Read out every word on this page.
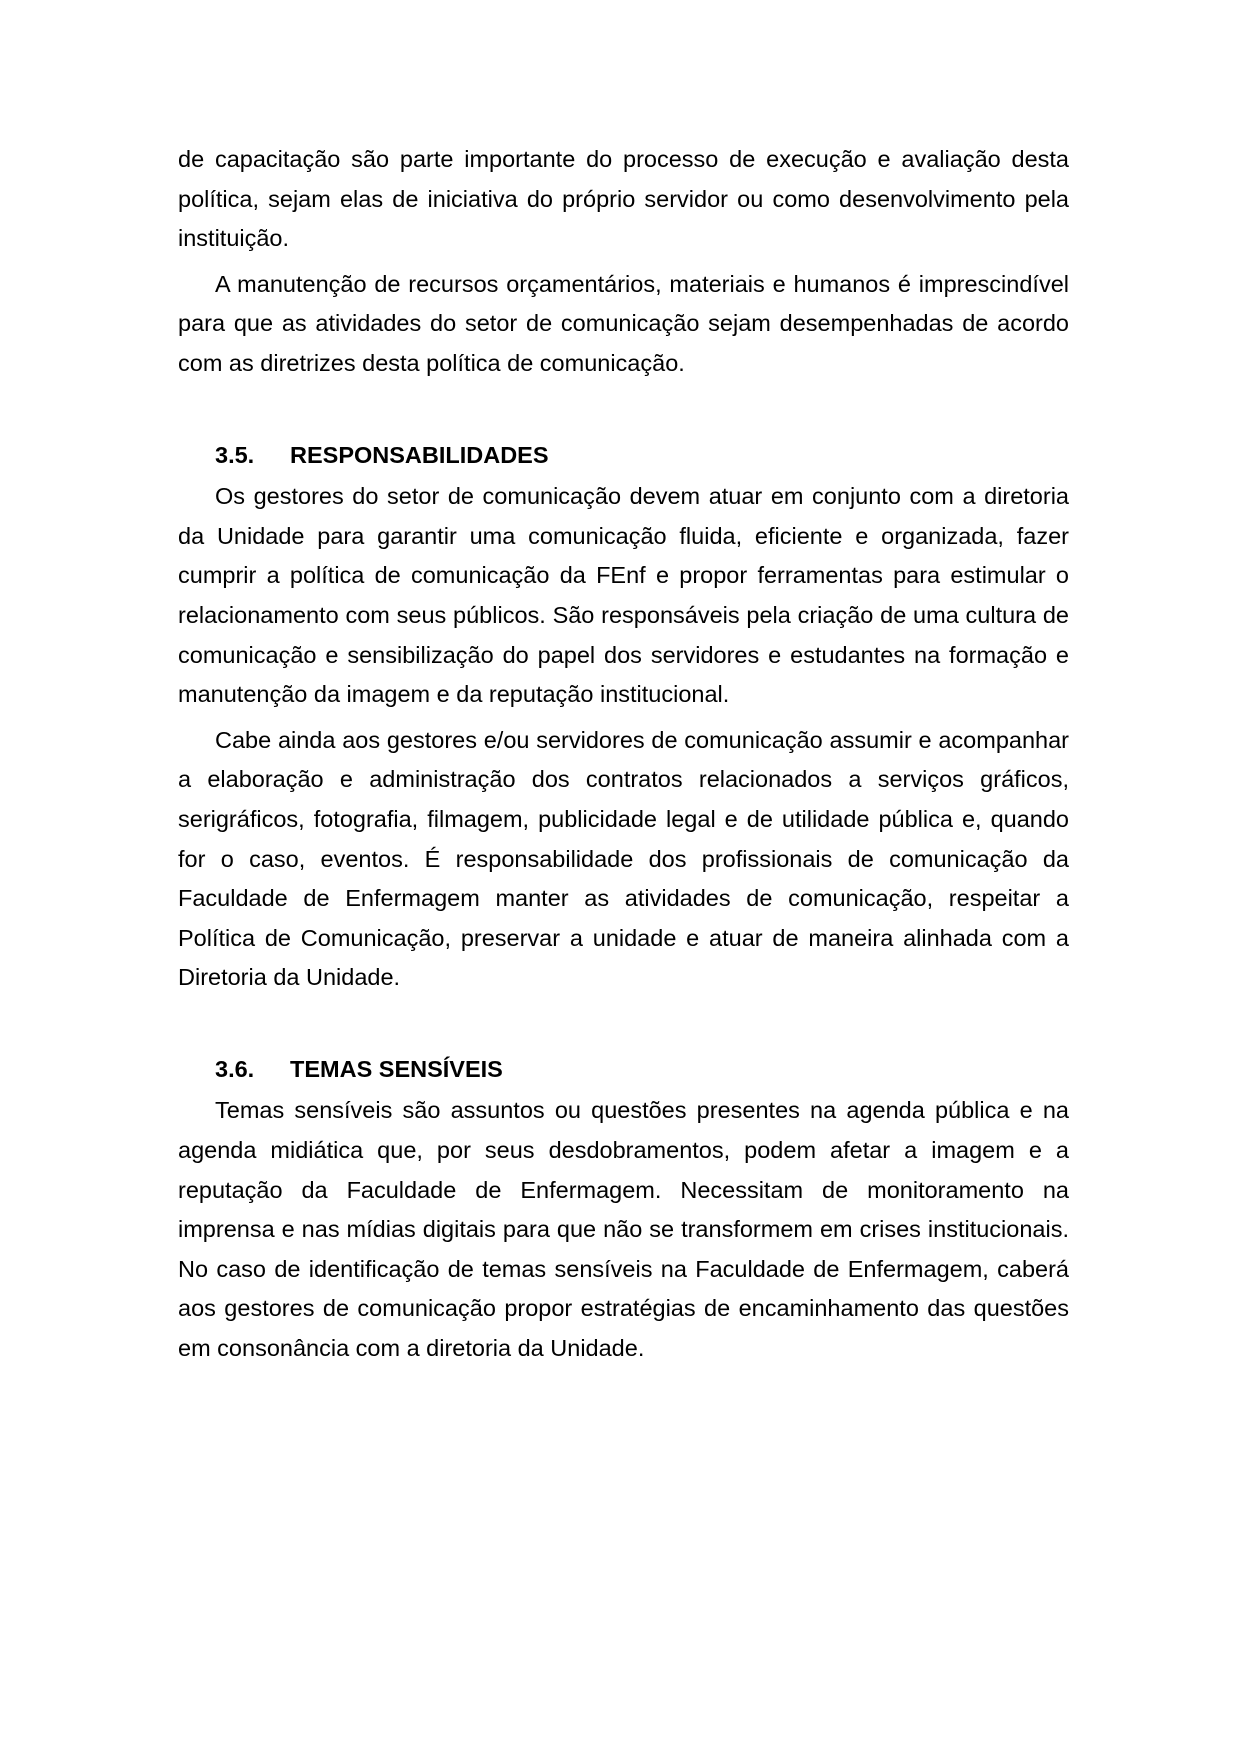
de capacitação são parte importante do processo de execução e avaliação desta política, sejam elas de iniciativa do próprio servidor ou como desenvolvimento pela instituição.

A manutenção de recursos orçamentários, materiais e humanos é imprescindível para que as atividades do setor de comunicação sejam desempenhadas de acordo com as diretrizes desta política de comunicação.

3.5.	RESPONSABILIDADES

Os gestores do setor de comunicação devem atuar em conjunto com a diretoria da Unidade para garantir uma comunicação fluida, eficiente e organizada, fazer cumprir a política de comunicação da FEnf e propor ferramentas para estimular o relacionamento com seus públicos. São responsáveis pela criação de uma cultura de comunicação e sensibilização do papel dos servidores e estudantes na formação e manutenção da imagem e da reputação institucional.

Cabe ainda aos gestores e/ou servidores de comunicação assumir e acompanhar a elaboração e administração dos contratos relacionados a serviços gráficos, serigráficos, fotografia, filmagem, publicidade legal e de utilidade pública e, quando for o caso, eventos. É responsabilidade dos profissionais de comunicação da Faculdade de Enfermagem manter as atividades de comunicação, respeitar a Política de Comunicação, preservar a unidade e atuar de maneira alinhada com a Diretoria da Unidade.

3.6.	TEMAS SENSÍVEIS

Temas sensíveis são assuntos ou questões presentes na agenda pública e na agenda midiática que, por seus desdobramentos, podem afetar a imagem e a reputação da Faculdade de Enfermagem. Necessitam de monitoramento na imprensa e nas mídias digitais para que não se transformem em crises institucionais. No caso de identificação de temas sensíveis na Faculdade de Enfermagem, caberá aos gestores de comunicação propor estratégias de encaminhamento das questões em consonância com a diretoria da Unidade.
